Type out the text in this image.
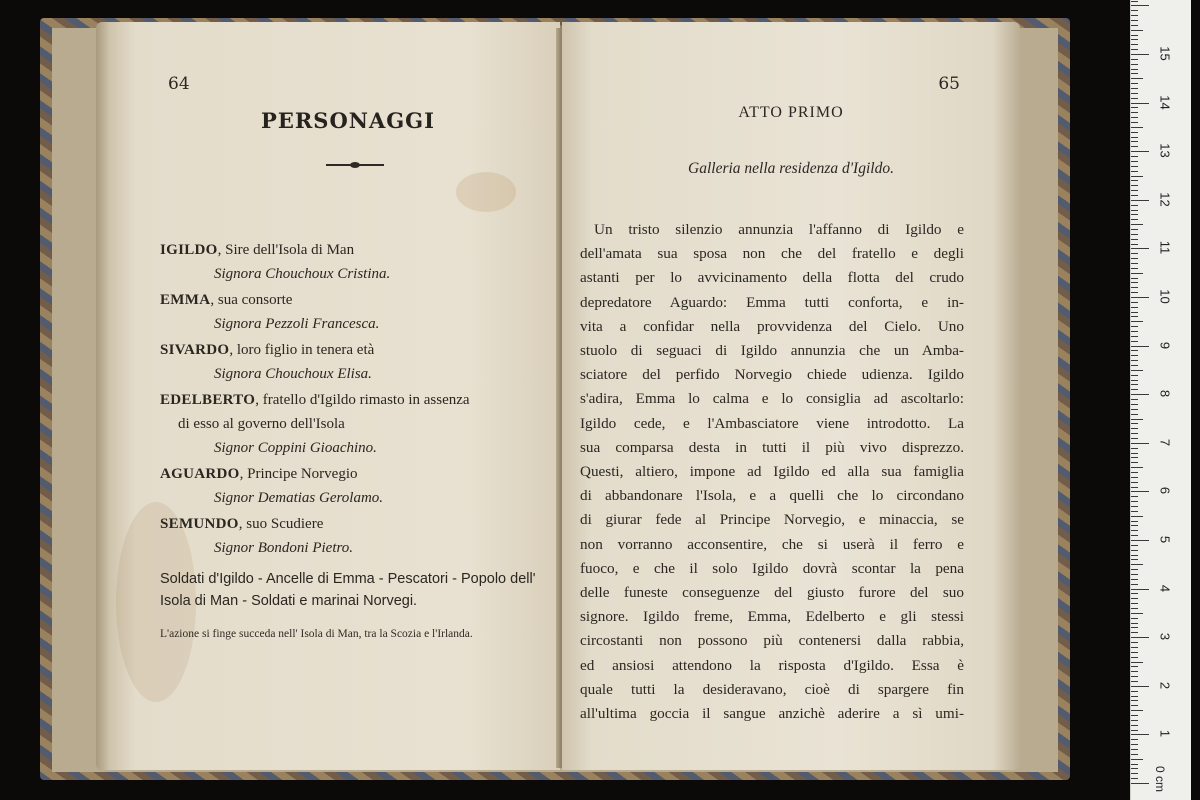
64
PERSONAGGI
IGILDO, Sire dell'Isola di Man
Signora Chouchoux Cristina.
EMMA, sua consorte
Signora Pezzoli Francesca.
SIVARDO, loro figlio in tenera età
Signora Chouchoux Elisa.
EDELBERTO, fratello d'Igildo rimasto in assenza
di esso al governo dell'Isola
Signor Coppini Gioachino.
AGUARDO, Principe Norvegio
Signor Dematias Gerolamo.
SEMUNDO, suo Scudiere
Signor Bondoni Pietro.
Soldati d'Igildo - Ancelle di Emma - Pescatori - Popolo dell' Isola di Man - Soldati e marinai Norvegi.
L'azione si finge succeda nell' Isola di Man, tra la Scozia e l'Irlanda.
65
ATTO PRIMO
Galleria nella residenza d'Igildo.
Un tristo silenzio annunzia l'affanno di Igildo e
dell'amata sua sposa non che del fratello e degli
astanti per lo avvicinamento della flotta del crudo
depredatore Aguardo: Emma tutti conforta, e in-
vita a confidar nella provvidenza del Cielo. Uno
stuolo di seguaci di Igildo annunzia che un Amba-
sciatore del perfido Norvegio chiede udienza. Igildo
s'adira, Emma lo calma e lo consiglia ad ascoltarlo:
Igildo cede, e l'Ambasciatore viene introdotto. La
sua comparsa desta in tutti il più vivo disprezzo.
Questi, altiero, impone ad Igildo ed alla sua famiglia
di abbandonare l'Isola, e a quelli che lo circondano
di giurar fede al Principe Norvegio, e minaccia, se
non vorranno acconsentire, che si userà il ferro e
fuoco, e che il solo Igildo dovrà scontar la pena
delle funeste conseguenze del giusto furore del suo
signore. Igildo freme, Emma, Edelberto e gli stessi
circostanti non possono più contenersi dalla rabbia,
ed ansiosi attendono la risposta d'Igildo. Essa è
quale tutti la desideravano, cioè di spargere fin
all'ultima goccia il sangue anzichè aderire a sì umi-
0 cm
1
2
3
4
5
6
7
8
9
10
11
12
13
14
15
